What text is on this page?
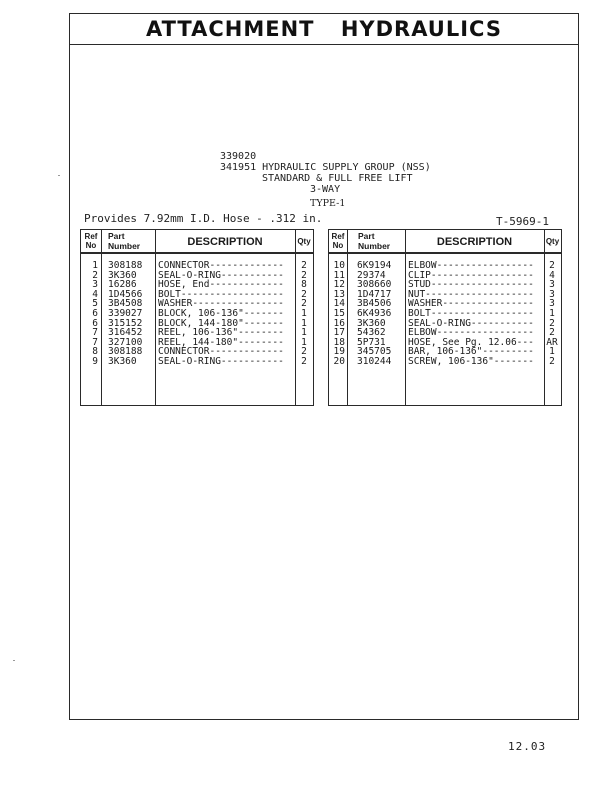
ATTACHMENT HYDRAULICS
339020
341951 HYDRAULIC SUPPLY GROUP (NSS)
STANDARD & FULL FREE LIFT
3-WAY
TYPE-1
Provides 7.92mm I.D. Hose - .312 in.	T-5969-1
Ref
No
Part
Number	DESCRIPTION	Qty
1 308188 CONNECTOR-------------	2
2 3K360 SEAL-O-RING-----------	2
3 16286 HOSE, End-------------	8
4 1D4566 BOLT------------------	2
5 3B4508 WASHER----------------	2
6 339027 BLOCK, 106-136"-------	1
6 315152 BLOCK, 144-180"-------	1
7 316452 REEL, 106-136"--------	1
7 327100 REEL, 144-180"--------	1
8 308188 CONNECTOR-------------	2
9 3K360 SEAL-O-RING-----------	2
Ref
No
Part
Number	DESCRIPTION	Qty
10 6K9194 ELBOW-----------------	2
11 29374 CLIP------------------	4
12 308660 STUD------------------	3
13 1D4717 NUT-------------------	3
14 3B4506 WASHER----------------	3
15 6K4936 BOLT------------------	1
16 3K360 SEAL-O-RING-----------	2
17 54362 ELBOW-----------------	2
18 5P731 HOSE, See Pg. 12.06---	AR
19 345705 BAR, 106-136"---------	1
20 310244 SCREW, 106-136"-------	2
12.03
